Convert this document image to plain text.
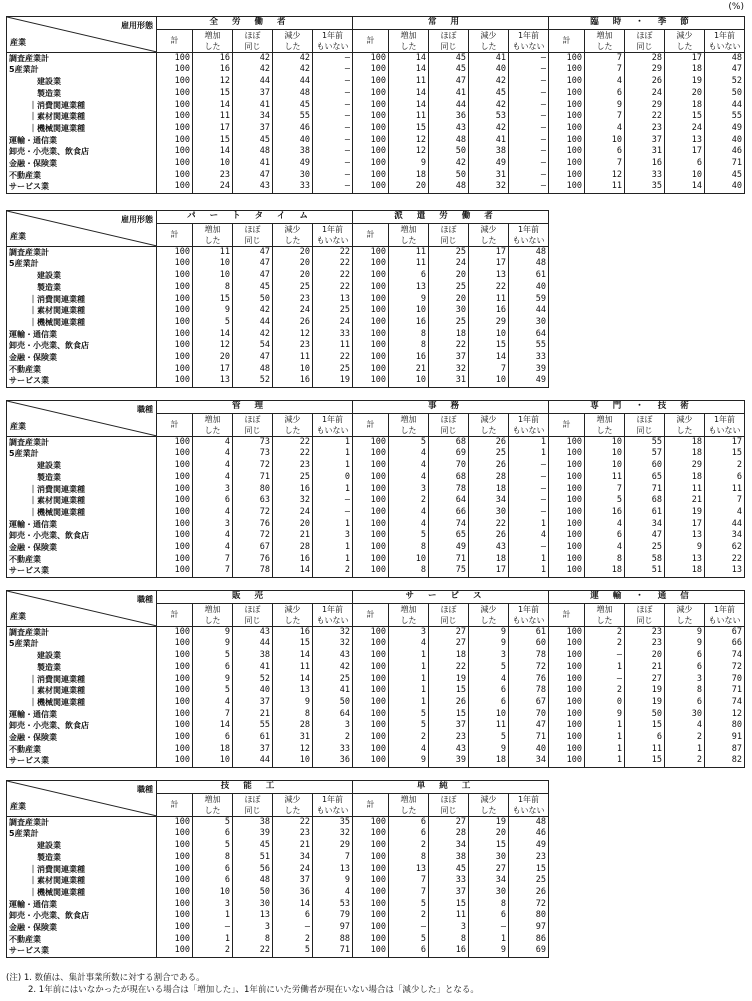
(%)
雇用形態
産業	全労働者					常用					臨時・季節				
	計	増加	ほぼ	減少	1年前	計	増加	ほぼ	減少	1年前	計	増加	ほぼ	減少	1年前
		した	同じ	した	もいない		した	同じ	した	もいない		した	同じ	した	もいない
調査産業計	100	16	42	42	–	100	14	45	41	–	100	7	28	17	48
5産業計	100	16	42	42	–	100	14	45	40	–	100	7	29	18	47
建設業	100	12	44	44	–	100	11	47	42	–	100	4	26	19	52
製造業	100	15	37	48	–	100	14	41	45	–	100	6	24	20	50
｜消費関連業種	100	14	41	45	–	100	14	44	42	–	100	9	29	18	44
｜素材関連業種	100	11	34	55	–	100	11	36	53	–	100	7	22	15	55
｜機械関連業種	100	17	37	46	–	100	15	43	42	–	100	4	23	24	49
運輸・通信業	100	15	45	40	–	100	12	48	41	–	100	10	37	13	40
卸売・小売業、飲食店	100	14	48	38	–	100	12	50	38	–	100	6	31	17	46
金融・保険業	100	10	41	49	–	100	9	42	49	–	100	7	16	6	71
不動産業	100	23	47	30	–	100	18	50	31	–	100	12	33	10	45
サービス業	100	24	43	33	–	100	20	48	32	–	100	11	35	14	40
雇用形態
産業	パートタイム					派遣労働者				
	計	増加	ほぼ	減少	1年前	計	増加	ほぼ	減少	1年前
		した	同じ	した	もいない		した	同じ	した	もいない
調査産業計	100	11	47	20	22	100	11	25	17	48
5産業計	100	10	47	20	22	100	11	24	17	48
建設業	100	10	47	20	22	100	6	20	13	61
製造業	100	8	45	25	22	100	13	25	22	40
｜消費関連業種	100	15	50	23	13	100	9	20	11	59
｜素材関連業種	100	9	42	24	25	100	10	30	16	44
｜機械関連業種	100	5	44	26	24	100	16	25	29	30
運輸・通信業	100	14	42	12	33	100	8	18	10	64
卸売・小売業、飲食店	100	12	54	23	11	100	8	22	15	55
金融・保険業	100	20	47	11	22	100	16	37	14	33
不動産業	100	17	48	10	25	100	21	32	7	39
サービス業	100	13	52	16	19	100	10	31	10	49
職種
産業	管理					事務					専門・技術				
	計	増加	ほぼ	減少	1年前	計	増加	ほぼ	減少	1年前	計	増加	ほぼ	減少	1年前
		した	同じ	した	もいない		した	同じ	した	もいない		した	同じ	した	もいない
調査産業計	100	4	73	22	1	100	5	68	26	1	100	10	55	18	17
5産業計	100	4	73	22	1	100	4	69	25	1	100	10	57	18	15
建設業	100	4	72	23	1	100	4	70	26	–	100	10	60	29	2
製造業	100	4	71	25	0	100	4	68	28	–	100	11	65	18	6
｜消費関連業種	100	3	80	16	1	100	3	78	18	–	100	7	71	11	11
｜素材関連業種	100	6	63	32	–	100	2	64	34	–	100	5	68	21	7
｜機械関連業種	100	4	72	24	–	100	4	66	30	–	100	16	61	19	4
運輸・通信業	100	3	76	20	1	100	4	74	22	1	100	4	34	17	44
卸売・小売業、飲食店	100	4	72	21	3	100	5	65	26	4	100	6	47	13	34
金融・保険業	100	4	67	28	1	100	8	49	43	–	100	4	25	9	62
不動産業	100	7	76	16	1	100	10	71	18	1	100	8	58	13	22
サービス業	100	7	78	14	2	100	8	75	17	1	100	18	51	18	13
職種
産業	販売					サービス					運輸・通信				
	計	増加	ほぼ	減少	1年前	計	増加	ほぼ	減少	1年前	計	増加	ほぼ	減少	1年前
		した	同じ	した	もいない		した	同じ	した	もいない		した	同じ	した	もいない
調査産業計	100	9	43	16	32	100	3	27	9	61	100	2	23	9	67
5産業計	100	9	44	15	32	100	4	27	9	60	100	2	23	9	66
建設業	100	5	38	14	43	100	1	18	3	78	100	–	20	6	74
製造業	100	6	41	11	42	100	1	22	5	72	100	1	21	6	72
｜消費関連業種	100	9	52	14	25	100	1	19	4	76	100	–	27	3	70
｜素材関連業種	100	5	40	13	41	100	1	15	6	78	100	2	19	8	71
｜機械関連業種	100	4	37	9	50	100	1	26	6	67	100	0	19	6	74
運輸・通信業	100	7	21	8	64	100	5	15	10	70	100	9	50	30	12
卸売・小売業、飲食店	100	14	55	28	3	100	5	37	11	47	100	1	15	4	80
金融・保険業	100	6	61	31	2	100	2	23	5	71	100	1	6	2	91
不動産業	100	18	37	12	33	100	4	43	9	40	100	1	11	1	87
サービス業	100	10	44	10	36	100	9	39	18	34	100	1	15	2	82
職種
産業	技能工					単純工				
	計	増加	ほぼ	減少	1年前	計	増加	ほぼ	減少	1年前
		した	同じ	した	もいない		した	同じ	した	もいない
調査産業計	100	5	38	22	35	100	6	27	19	48
5産業計	100	6	39	23	32	100	6	28	20	46
建設業	100	5	45	21	29	100	2	34	15	49
製造業	100	8	51	34	7	100	8	38	30	23
｜消費関連業種	100	6	56	24	13	100	13	45	27	15
｜素材関連業種	100	6	48	37	9	100	7	33	34	25
｜機械関連業種	100	10	50	36	4	100	7	37	30	26
運輸・通信業	100	3	30	14	53	100	5	15	8	72
卸売・小売業、飲食店	100	1	13	6	79	100	2	11	6	80
金融・保険業	100	–	3	–	97	100	–	3	–	97
不動産業	100	1	8	2	88	100	5	8	1	86
サービス業	100	2	22	5	71	100	6	16	9	69
(注) 1. 数値は、集計事業所数に対する割合である。
2. 1年前にはいなかったが現在いる場合は「増加した」、1年前にいた労働者が現在いない場合は「減少した」となる。
